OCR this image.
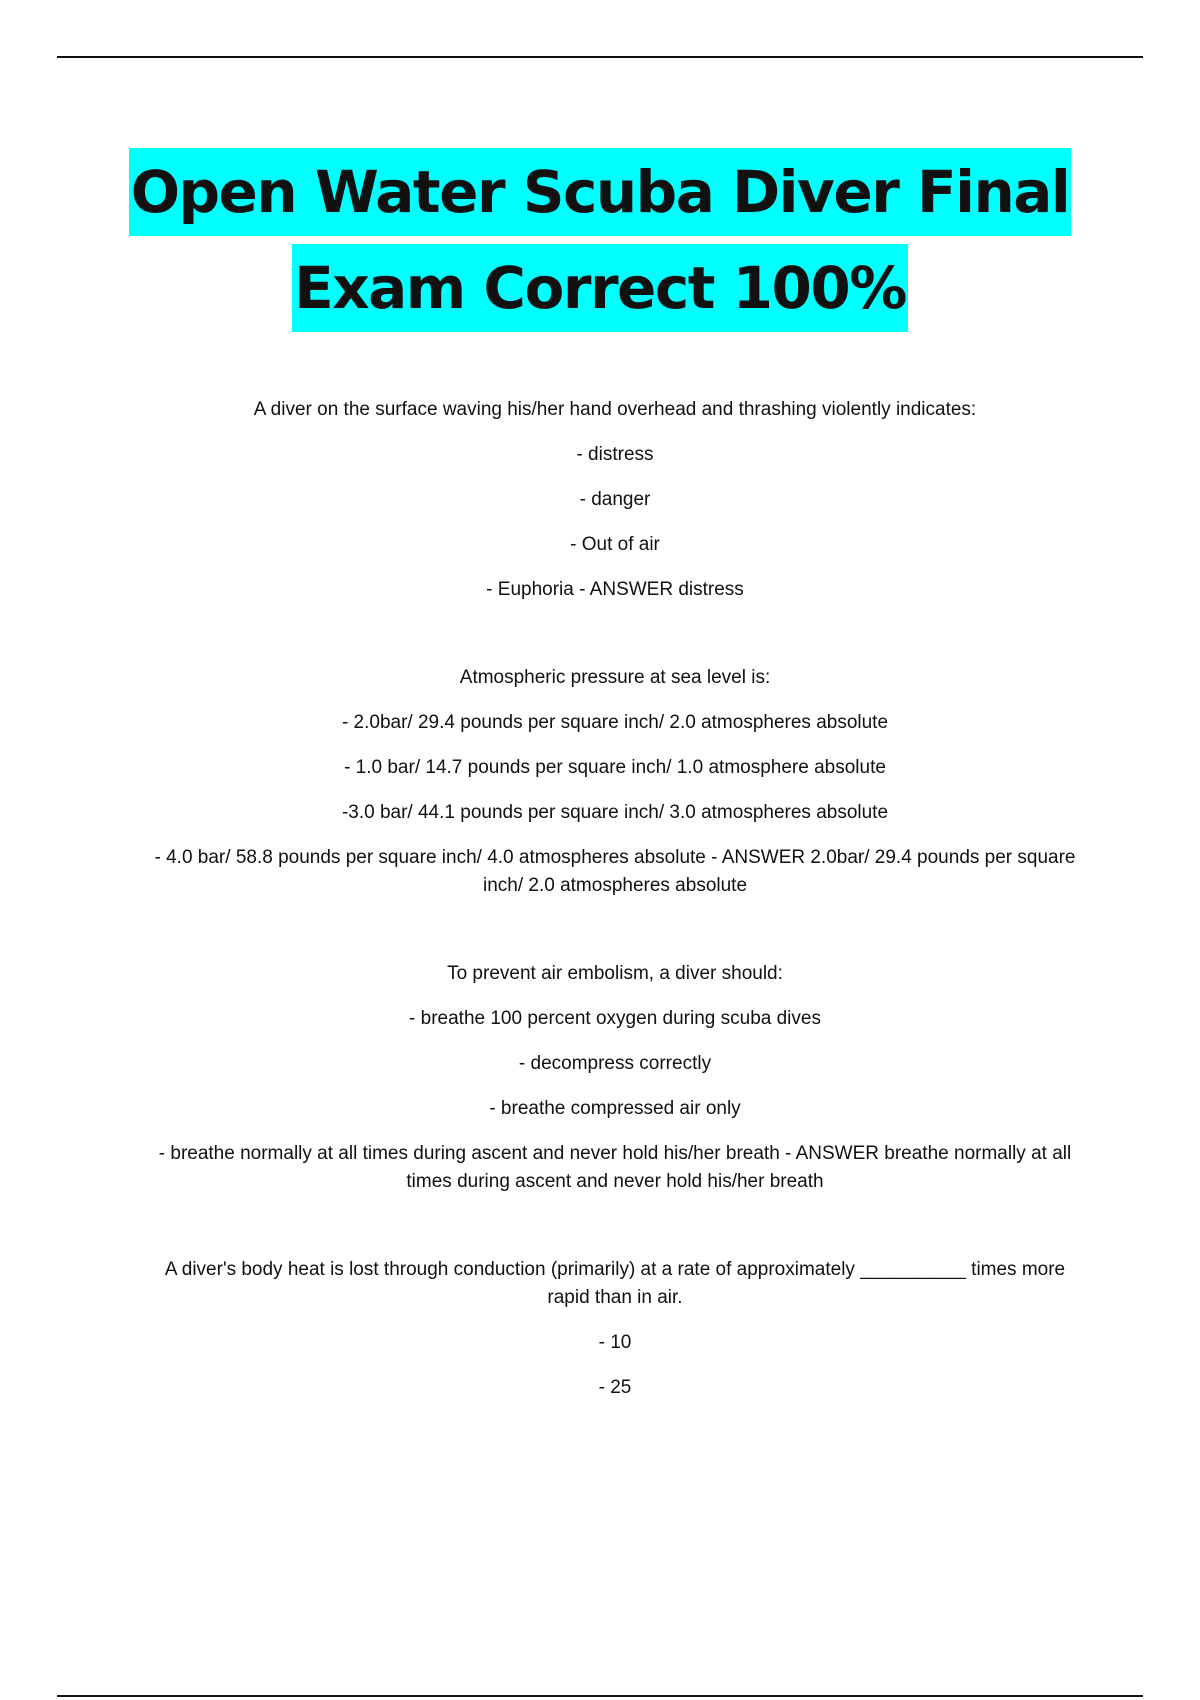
Open Water Scuba Diver Final
Exam Correct 100%

A diver on the surface waving his/her hand overhead and thrashing violently indicates:

- distress

- danger

- Out of air

- Euphoria - ANSWER distress

Atmospheric pressure at sea level is:

- 2.0bar/ 29.4 pounds per square inch/ 2.0 atmospheres absolute

- 1.0 bar/ 14.7 pounds per square inch/ 1.0 atmosphere absolute

-3.0 bar/ 44.1 pounds per square inch/ 3.0 atmospheres absolute

- 4.0 bar/ 58.8 pounds per square inch/ 4.0 atmospheres absolute - ANSWER 2.0bar/ 29.4 pounds per square inch/ 2.0 atmospheres absolute

To prevent air embolism, a diver should:

- breathe 100 percent oxygen during scuba dives

- decompress correctly

- breathe compressed air only

- breathe normally at all times during ascent and never hold his/her breath - ANSWER breathe normally at all times during ascent and never hold his/her breath

A diver's body heat is lost through conduction (primarily) at a rate of approximately __________ times more rapid than in air.

- 10

- 25
